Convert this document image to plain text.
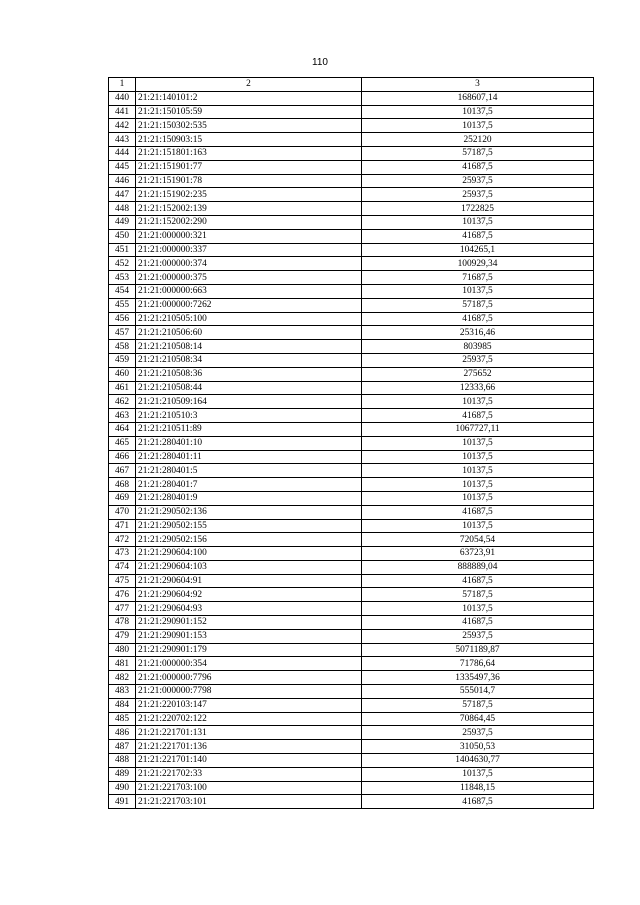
110
1	2	3
440	21:21:140101:2	168607,14
441	21:21:150105:59	10137,5
442	21:21:150302:535	10137,5
443	21:21:150903:15	252120
444	21:21:151801:163	57187,5
445	21:21:151901:77	41687,5
446	21:21:151901:78	25937,5
447	21:21:151902:235	25937,5
448	21:21:152002:139	1722825
449	21:21:152002:290	10137,5
450	21:21:000000:321	41687,5
451	21:21:000000:337	104265,1
452	21:21:000000:374	100929,34
453	21:21:000000:375	71687,5
454	21:21:000000:663	10137,5
455	21:21:000000:7262	57187,5
456	21:21:210505:100	41687,5
457	21:21:210506:60	25316,46
458	21:21:210508:14	803985
459	21:21:210508:34	25937,5
460	21:21:210508:36	275652
461	21:21:210508:44	12333,66
462	21:21:210509:164	10137,5
463	21:21:210510:3	41687,5
464	21:21:210511:89	1067727,11
465	21:21:280401:10	10137,5
466	21:21:280401:11	10137,5
467	21:21:280401:5	10137,5
468	21:21:280401:7	10137,5
469	21:21:280401:9	10137,5
470	21:21:290502:136	41687,5
471	21:21:290502:155	10137,5
472	21:21:290502:156	72054,54
473	21:21:290604:100	63723,91
474	21:21:290604:103	888889,04
475	21:21:290604:91	41687,5
476	21:21:290604:92	57187,5
477	21:21:290604:93	10137,5
478	21:21:290901:152	41687,5
479	21:21:290901:153	25937,5
480	21:21:290901:179	5071189,87
481	21:21:000000:354	71786,64
482	21:21:000000:7796	1335497,36
483	21:21:000000:7798	555014,7
484	21:21:220103:147	57187,5
485	21:21:220702:122	70864,45
486	21:21:221701:131	25937,5
487	21:21:221701:136	31050,53
488	21:21:221701:140	1404630,77
489	21:21:221702:33	10137,5
490	21:21:221703:100	11848,15
491	21:21:221703:101	41687,5
